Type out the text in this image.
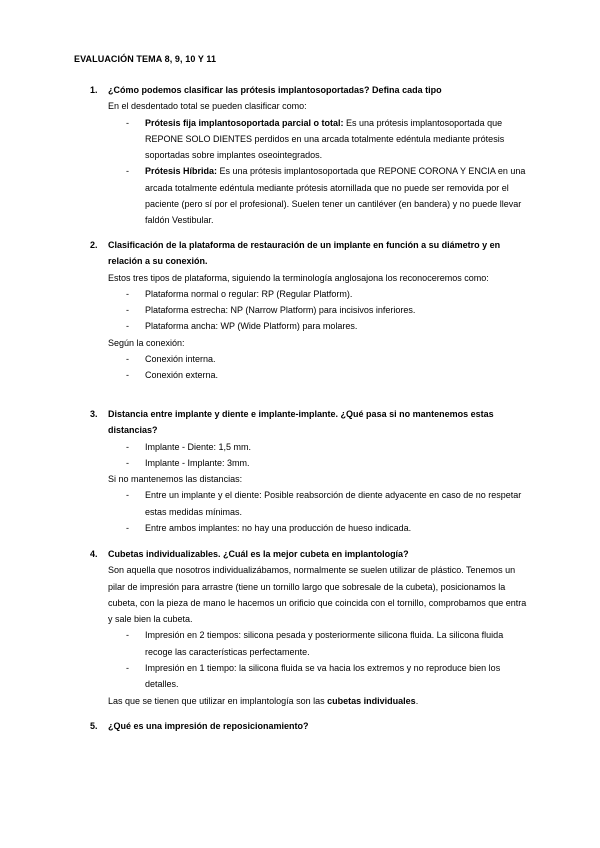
EVALUACIÓN TEMA 8, 9, 10 Y 11
1. ¿Cómo podemos clasificar las prótesis implantosoportadas? Defina cada tipo
En el desdentado total se pueden clasificar como:
- Prótesis fija implantosoportada parcial o total: Es una prótesis implantosoportada que REPONE SOLO DIENTES perdidos en una arcada totalmente edéntula mediante prótesis soportadas sobre implantes oseointegrados.
- Prótesis Híbrida: Es una prótesis implantosoportada que REPONE CORONA Y ENCIA en una arcada totalmente edéntula mediante prótesis atornillada que no puede ser removida por el paciente (pero sí por el profesional). Suelen tener un cantiléver (en bandera) y no puede llevar faldón Vestibular.
2. Clasificación de la plataforma de restauración de un implante en función a su diámetro y en relación a su conexión.
Estos tres tipos de plataforma, siguiendo la terminología anglosajona los reconoceremos como:
- Plataforma normal o regular: RP (Regular Platform).
- Plataforma estrecha: NP (Narrow Platform) para incisivos inferiores.
- Plataforma ancha: WP (Wide Platform) para molares.
Según la conexión:
- Conexión interna.
- Conexión externa.
3. Distancia entre implante y diente e implante-implante. ¿Qué pasa si no mantenemos estas distancias?
- Implante - Diente: 1,5 mm.
- Implante - Implante: 3mm.
Si no mantenemos las distancias:
- Entre un implante y el diente: Posible reabsorción de diente adyacente en caso de no respetar estas medidas mínimas.
- Entre ambos implantes: no hay una producción de hueso indicada.
4. Cubetas individualizables. ¿Cuál es la mejor cubeta en implantología?
Son aquella que nosotros individualizábamos, normalmente se suelen utilizar de plástico. Tenemos un pilar de impresión para arrastre (tiene un tornillo largo que sobresale de la cubeta), posicionamos la cubeta, con la pieza de mano le hacemos un orificio que coincida con el tornillo, comprobamos que entra y sale bien la cubeta.
- Impresión en 2 tiempos: silicona pesada y posteriormente silicona fluida. La silicona fluida recoge las características perfectamente.
- Impresión en 1 tiempo: la silicona fluida se va hacia los extremos y no reproduce bien los detalles.
Las que se tienen que utilizar en implantología son las cubetas individuales.
5. ¿Qué es una impresión de reposicionamiento?
